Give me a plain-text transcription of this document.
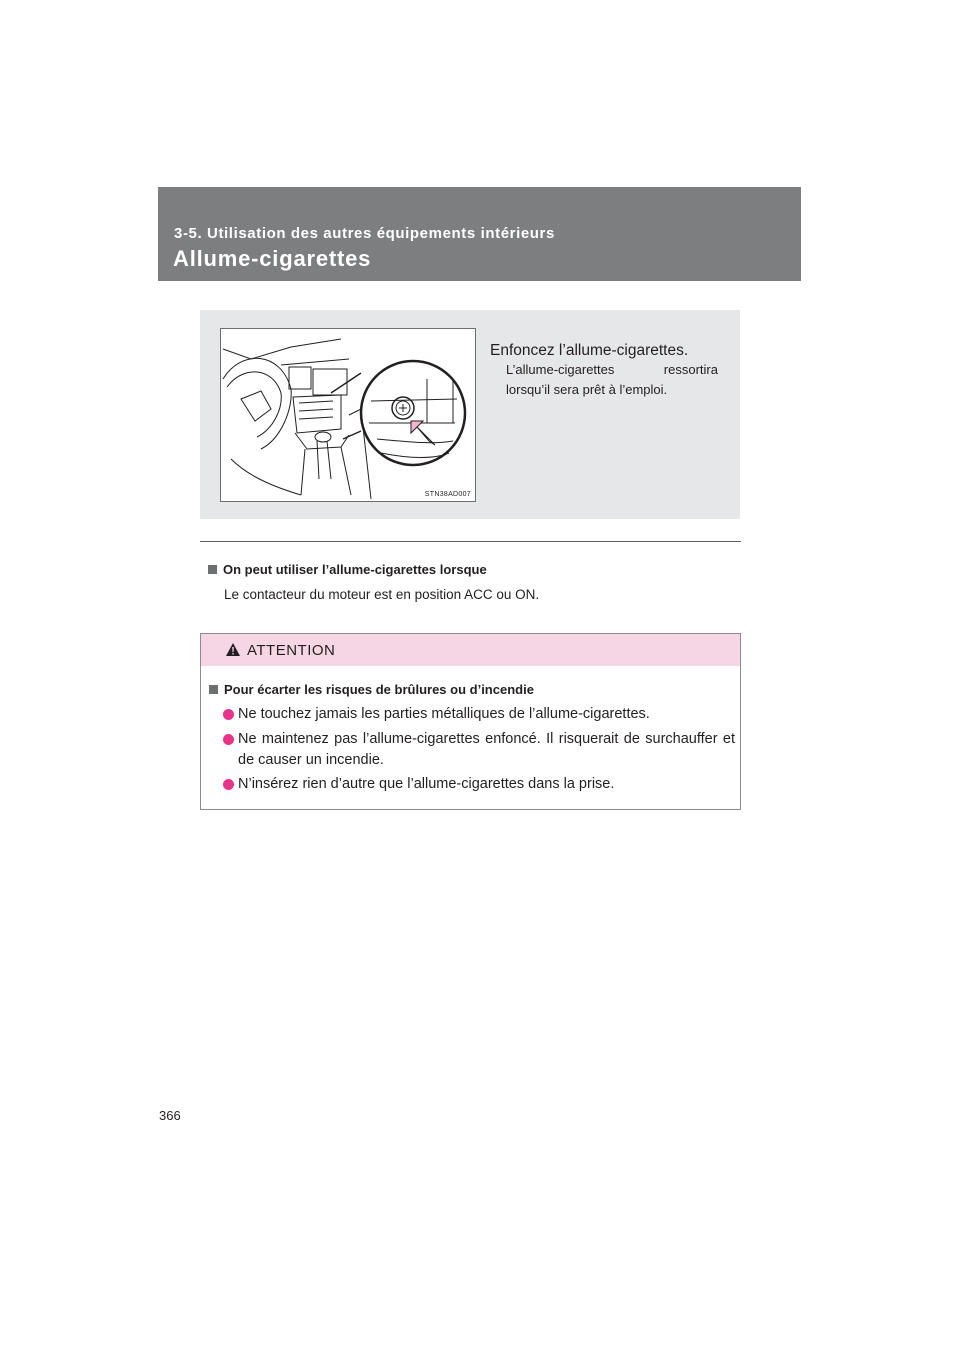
3-5. Utilisation des autres équipements intérieurs
Allume-cigarettes
STN38AD007
Enfoncez l’allume-cigarettes.
L’allume-cigarettes ressortira lorsqu’il sera prêt à l’emploi.
On peut utiliser l’allume-cigarettes lorsque
Le contacteur du moteur est en position ACC ou ON.
ATTENTION
Pour écarter les risques de brûlures ou d’incendie
Ne touchez jamais les parties métalliques de l’allume-cigarettes.
Ne maintenez pas l’allume-cigarettes enfoncé. Il risquerait de surchauffer et de causer un incendie.
N’insérez rien d’autre que l’allume-cigarettes dans la prise.
366
